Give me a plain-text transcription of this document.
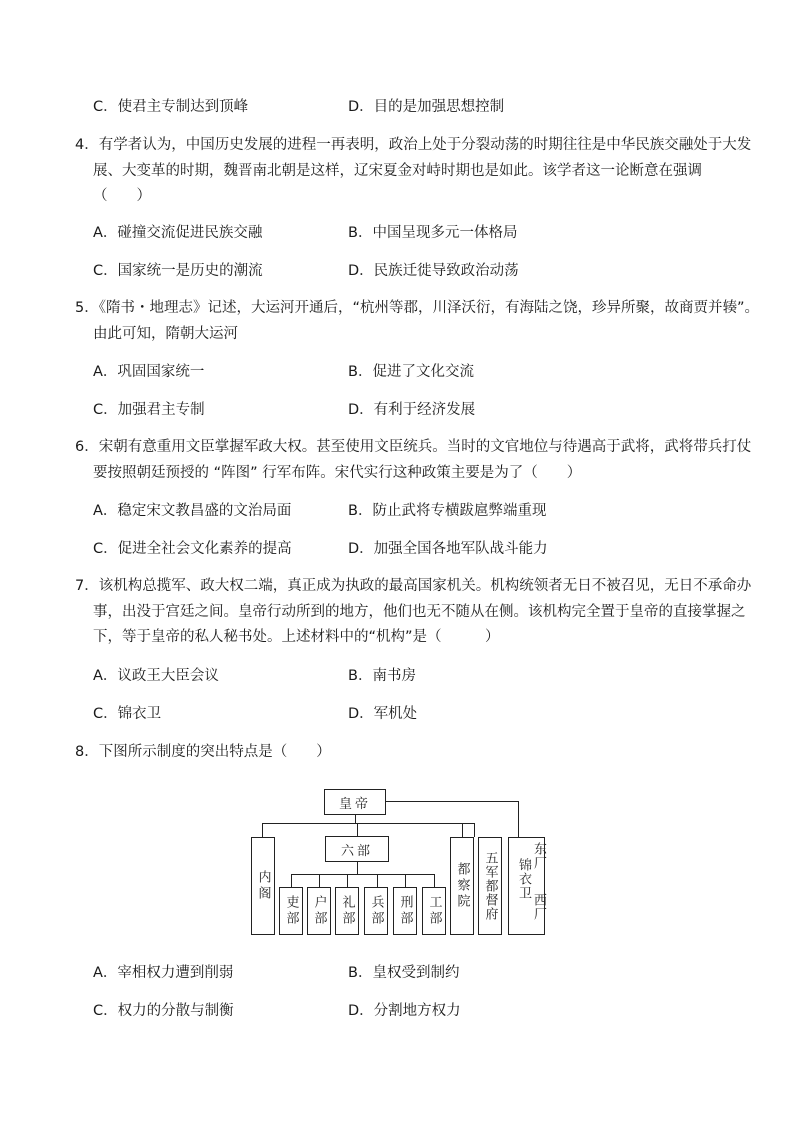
C．使君主专制达到顶峰	D．目的是加强思想控制
4．有学者认为，中国历史发展的进程一再表明，政治上处于分裂动荡的时期往往是中华民族交融处于大发
展、大变革的时期，魏晋南北朝是这样，辽宋夏金对峙时期也是如此。该学者这一论断意在强调
（　　）
A．碰撞交流促进民族交融	B．中国呈现多元一体格局
C．国家统一是历史的潮流	D．民族迁徙导致政治动荡
5．《隋书・地理志》记述，大运河开通后，“杭州等郡，川泽沃衍，有海陆之饶，珍异所聚，故商贾并辏”。
由此可知，隋朝大运河
A．巩固国家统一	B．促进了文化交流
C．加强君主专制	D．有利于经济发展
6．宋朝有意重用文臣掌握军政大权。甚至使用文臣统兵。当时的文官地位与待遇高于武将，武将带兵打仗
要按照朝廷预授的 “阵图” 行军布阵。宋代实行这种政策主要是为了（　　）
A．稳定宋文教昌盛的文治局面	B．防止武将专横跋扈弊端重现
C．促进全社会文化素养的提高	D．加强全国各地军队战斗能力
7．该机构总揽军、政大权二端，真正成为执政的最高国家机关。机构统领者无日不被召见，无日不承命办
事，出没于宫廷之间。皇帝行动所到的地方，他们也无不随从在侧。该机构完全置于皇帝的直接掌握之
下，等于皇帝的私人秘书处。上述材料中的“机构”是（　　　）
A．议政王大臣会议	B．南书房
C．锦衣卫	D．军机处
8．下图所示制度的突出特点是（　　）
皇帝
六部
内阁
吏部 户部 礼部 兵部 刑部 工部
都察院 五军都督府 锦衣卫
东厂
西厂
A．宰相权力遭到削弱	B．皇权受到制约
C．权力的分散与制衡	D．分割地方权力
